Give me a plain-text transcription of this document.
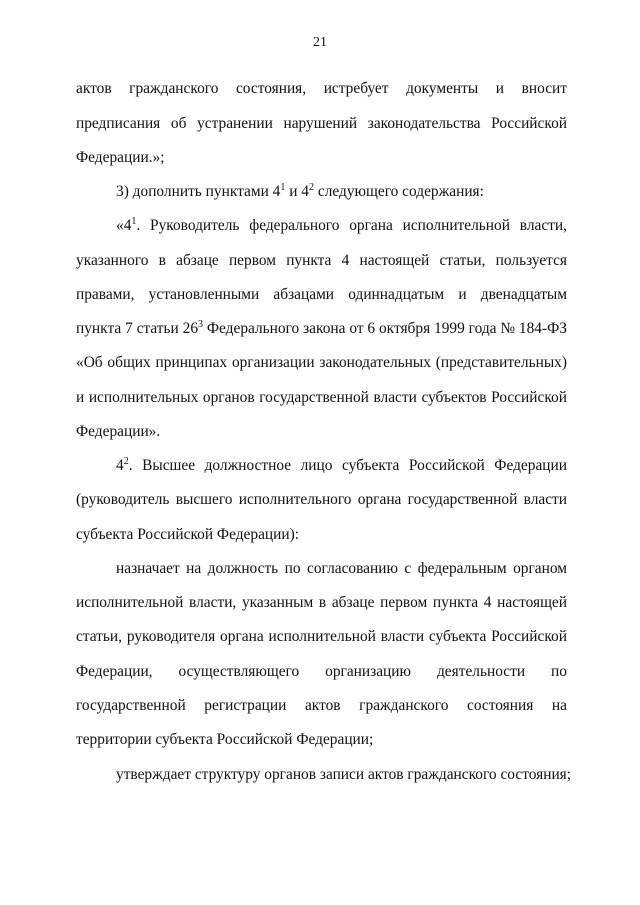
21
актов гражданского состояния, истребует документы и вносит
предписания об устранении нарушений законодательства Российской
Федерации.»;
3) дополнить пунктами $4^1$ и $4^2$ следующего содержания:
«$4^1$. Руководитель федерального органа исполнительной власти,
указанного в абзаце первом пункта 4 настоящей статьи, пользуется
правами, установленными абзацами одиннадцатым и двенадцатым
пункта 7 статьи $26^3$ Федерального закона от 6 октября 1999 года № 184-ФЗ
«Об общих принципах организации законодательных (представительных)
и исполнительных органов государственной власти субъектов Российской
Федерации».
$4^2$. Высшее должностное лицо субъекта Российской Федерации
(руководитель высшего исполнительного органа государственной власти
субъекта Российской Федерации):
назначает на должность по согласованию с федеральным органом
исполнительной власти, указанным в абзаце первом пункта 4 настоящей
статьи, руководителя органа исполнительной власти субъекта Российской
Федерации, осуществляющего организацию деятельности по
государственной регистрации актов гражданского состояния на
территории субъекта Российской Федерации;
утверждает структуру органов записи актов гражданского состояния;
